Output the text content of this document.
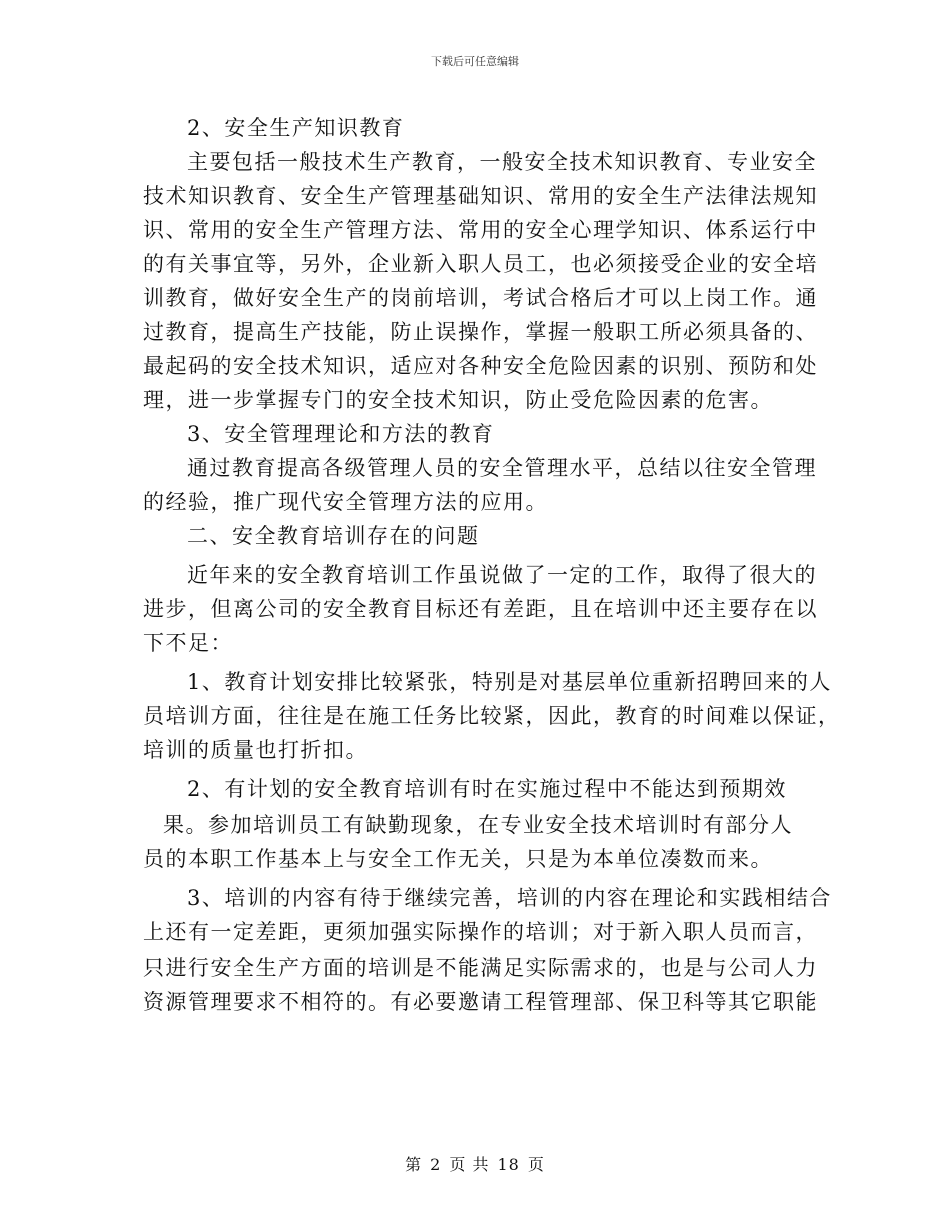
下载后可任意编辑
2、安全生产知识教育
主要包括一般技术生产教育，一般安全技术知识教育、专业安全
技术知识教育、安全生产管理基础知识、常用的安全生产法律法规知
识、常用的安全生产管理方法、常用的安全心理学知识、体系运行中
的有关事宜等，另外，企业新入职人员工，也必须接受企业的安全培
训教育，做好安全生产的岗前培训，考试合格后才可以上岗工作。通
过教育，提高生产技能，防止误操作，掌握一般职工所必须具备的、
最起码的安全技术知识，适应对各种安全危险因素的识别、预防和处
理，进一步掌握专门的安全技术知识，防止受危险因素的危害。
3、安全管理理论和方法的教育
通过教育提高各级管理人员的安全管理水平，总结以往安全管理
的经验，推广现代安全管理方法的应用。
二、安全教育培训存在的问题
近年来的安全教育培训工作虽说做了一定的工作，取得了很大的
进步，但离公司的安全教育目标还有差距，且在培训中还主要存在以
下不足：
1、教育计划安排比较紧张，特别是对基层单位重新招聘回来的人
员培训方面，往往是在施工任务比较紧，因此，教育的时间难以保证，
培训的质量也打折扣。
2、有计划的安全教育培训有时在实施过程中不能达到预期效
果。参加培训员工有缺勤现象，在专业安全技术培训时有部分人
员的本职工作基本上与安全工作无关，只是为本单位凑数而来。
3、培训的内容有待于继续完善，培训的内容在理论和实践相结合
上还有一定差距，更须加强实际操作的培训；对于新入职人员而言，
只进行安全生产方面的培训是不能满足实际需求的，也是与公司人力
资源管理要求不相符的。有必要邀请工程管理部、保卫科等其它职能
第 2 页 共 18 页
